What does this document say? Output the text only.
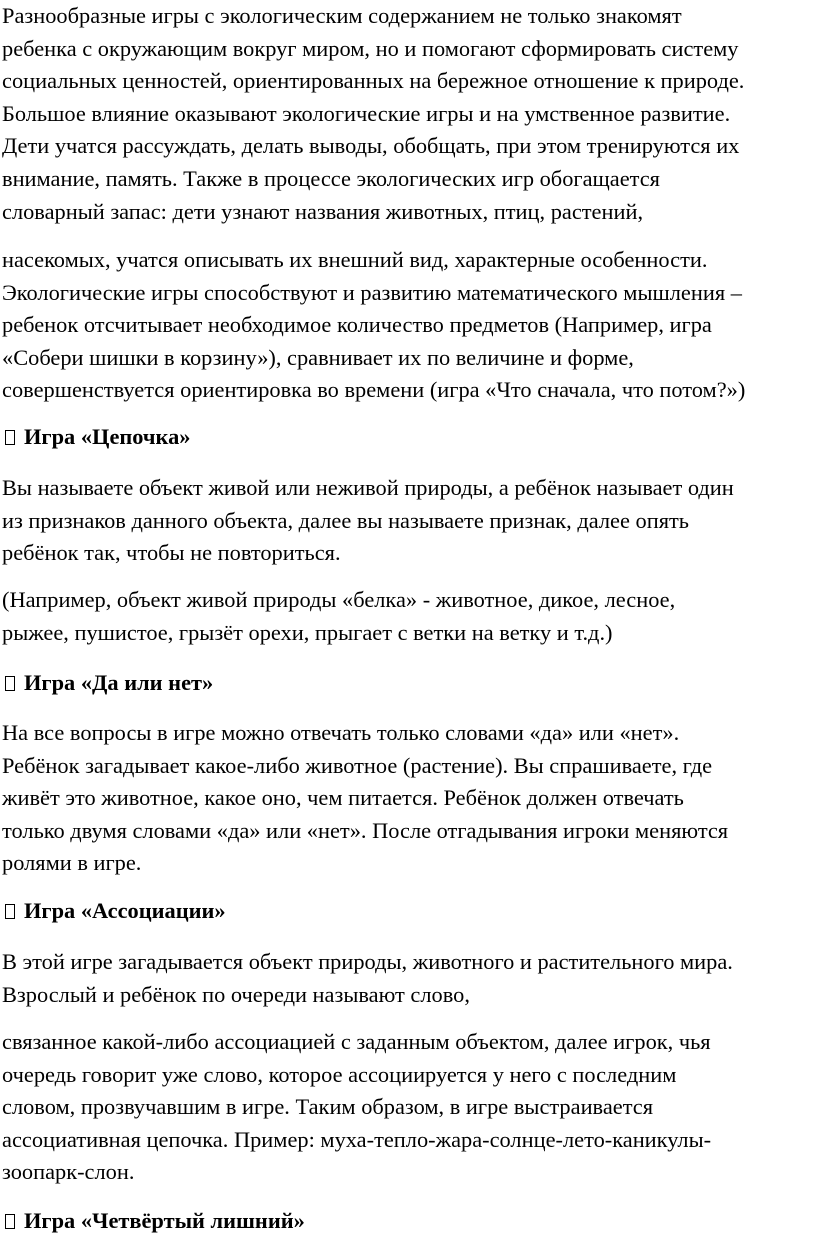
Разнообразные игры с экологическим содержанием не только знакомят

ребенка с окружающим вокруг миром, но и помогают сформировать систему

социальных ценностей, ориентированных на бережное отношение к природе.

Большое влияние оказывают экологические игры и на умственное развитие.

Дети учатся рассуждать, делать выводы, обобщать, при этом тренируются их

внимание, память. Также в процессе экологических игр обогащается

словарный запас: дети узнают названия животных, птиц, растений,

насекомых, учатся описывать их внешний вид, характерные особенности.

Экологические игры способствуют и развитию математического мышления –

ребенок отсчитывает необходимое количество предметов (Например, игра

«Собери шишки в корзину»), сравнивает их по величине и форме,

совершенствуется ориентировка во времени (игра «Что сначала, что потом?»)

Игра «Цепочка»

Вы называете объект живой или неживой природы, а ребёнок называет один

из признаков данного объекта, далее вы называете признак, далее опять

ребёнок так, чтобы не повториться.

(Например, объект живой природы «белка» - животное, дикое, лесное,

рыжее, пушистое, грызёт орехи, прыгает с ветки на ветку и т.д.)

Игра «Да или нет»

На все вопросы в игре можно отвечать только словами «да» или «нет».

Ребёнок загадывает какое-либо животное (растение). Вы спрашиваете, где

живёт это животное, какое оно, чем питается. Ребёнок должен отвечать

только двумя словами «да» или «нет». После отгадывания игроки меняются

ролями в игре.

Игра «Ассоциации»

В этой игре загадывается объект природы, животного и растительного мира.

Взрослый и ребёнок по очереди называют слово,

связанное какой-либо ассоциацией с заданным объектом, далее игрок, чья

очередь говорит уже слово, которое ассоциируется у него с последним

словом, прозвучавшим в игре. Таким образом, в игре выстраивается

ассоциативная цепочка. Пример: муха-тепло-жара-солнце-лето-каникулы-

зоопарк-слон.

Игра «Четвёртый лишний»
